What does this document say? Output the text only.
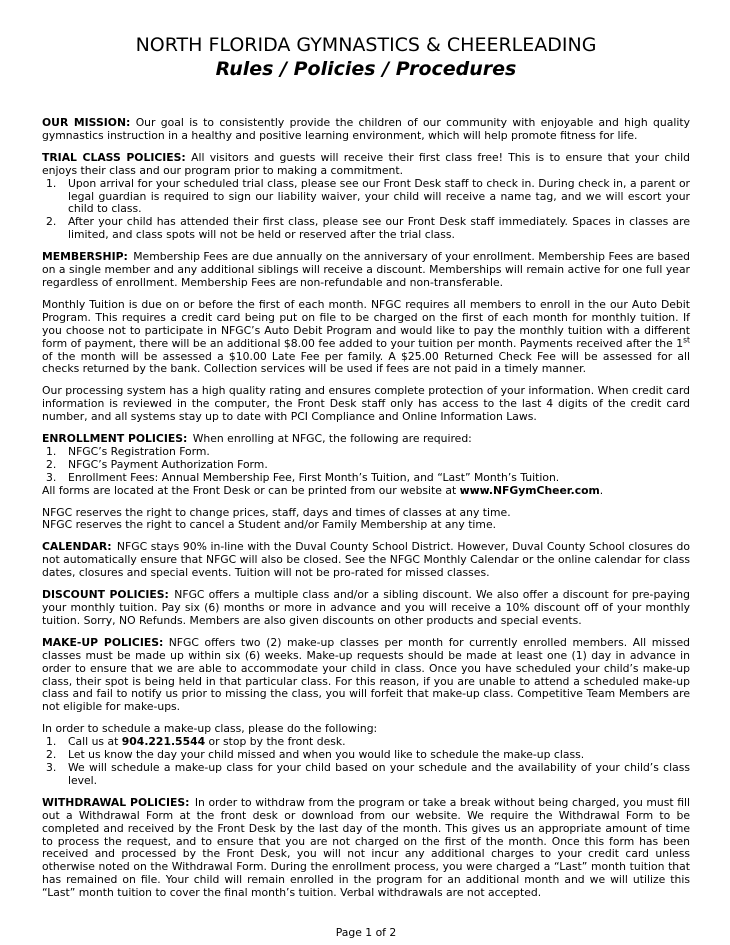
NORTH FLORIDA GYMNASTICS & CHEERLEADING
Rules / Policies / Procedures

OUR MISSION: Our goal is to consistently provide the children of our community with enjoyable and high quality gymnastics instruction in a healthy and positive learning environment, which will help promote fitness for life.

TRIAL CLASS POLICIES: All visitors and guests will receive their first class free! This is to ensure that your child enjoys their class and our program prior to making a commitment.
1.	Upon arrival for your scheduled trial class, please see our Front Desk staff to check in. During check in, a parent or legal guardian is required to sign our liability waiver, your child will receive a name tag, and we will escort your child to class.
2.	After your child has attended their first class, please see our Front Desk staff immediately. Spaces in classes are limited, and class spots will not be held or reserved after the trial class.

MEMBERSHIP: Membership Fees are due annually on the anniversary of your enrollment. Membership Fees are based on a single member and any additional siblings will receive a discount. Memberships will remain active for one full year regardless of enrollment. Membership Fees are non-refundable and non-transferable.

Monthly Tuition is due on or before the first of each month. NFGC requires all members to enroll in the our Auto Debit Program. This requires a credit card being put on file to be charged on the first of each month for monthly tuition. If you choose not to participate in NFGC’s Auto Debit Program and would like to pay the monthly tuition with a different form of payment, there will be an additional $8.00 fee added to your tuition per month. Payments received after the 1st of the month will be assessed a $10.00 Late Fee per family. A $25.00 Returned Check Fee will be assessed for all checks returned by the bank. Collection services will be used if fees are not paid in a timely manner.

Our processing system has a high quality rating and ensures complete protection of your information. When credit card information is reviewed in the computer, the Front Desk staff only has access to the last 4 digits of the credit card number, and all systems stay up to date with PCI Compliance and Online Information Laws.

ENROLLMENT POLICIES: When enrolling at NFGC, the following are required:
1.	NFGC’s Registration Form.
2.	NFGC’s Payment Authorization Form.
3.	Enrollment Fees: Annual Membership Fee, First Month’s Tuition, and “Last” Month’s Tuition.
All forms are located at the Front Desk or can be printed from our website at www.NFGymCheer.com.

NFGC reserves the right to change prices, staff, days and times of classes at any time.
NFGC reserves the right to cancel a Student and/or Family Membership at any time.

CALENDAR: NFGC stays 90% in-line with the Duval County School District. However, Duval County School closures do not automatically ensure that NFGC will also be closed. See the NFGC Monthly Calendar or the online calendar for class dates, closures and special events. Tuition will not be pro-rated for missed classes.

DISCOUNT POLICIES: NFGC offers a multiple class and/or a sibling discount. We also offer a discount for pre-paying your monthly tuition. Pay six (6) months or more in advance and you will receive a 10% discount off of your monthly tuition. Sorry, NO Refunds. Members are also given discounts on other products and special events.

MAKE-UP POLICIES: NFGC offers two (2) make-up classes per month for currently enrolled members. All missed classes must be made up within six (6) weeks. Make-up requests should be made at least one (1) day in advance in order to ensure that we are able to accommodate your child in class. Once you have scheduled your child’s make-up class, their spot is being held in that particular class. For this reason, if you are unable to attend a scheduled make-up class and fail to notify us prior to missing the class, you will forfeit that make-up class. Competitive Team Members are not eligible for make-ups.

In order to schedule a make-up class, please do the following:
1.	Call us at 904.221.5544 or stop by the front desk.
2.	Let us know the day your child missed and when you would like to schedule the make-up class.
3.	We will schedule a make-up class for your child based on your schedule and the availability of your child’s class level.

WITHDRAWAL POLICIES: In order to withdraw from the program or take a break without being charged, you must fill out a Withdrawal Form at the front desk or download from our website. We require the Withdrawal Form to be completed and received by the Front Desk by the last day of the month. This gives us an appropriate amount of time to process the request, and to ensure that you are not charged on the first of the month. Once this form has been received and processed by the Front Desk, you will not incur any additional charges to your credit card unless otherwise noted on the Withdrawal Form. During the enrollment process, you were charged a “Last” month tuition that has remained on file. Your child will remain enrolled in the program for an additional month and we will utilize this “Last” month tuition to cover the final month’s tuition. Verbal withdrawals are not accepted.

Page 1 of 2
